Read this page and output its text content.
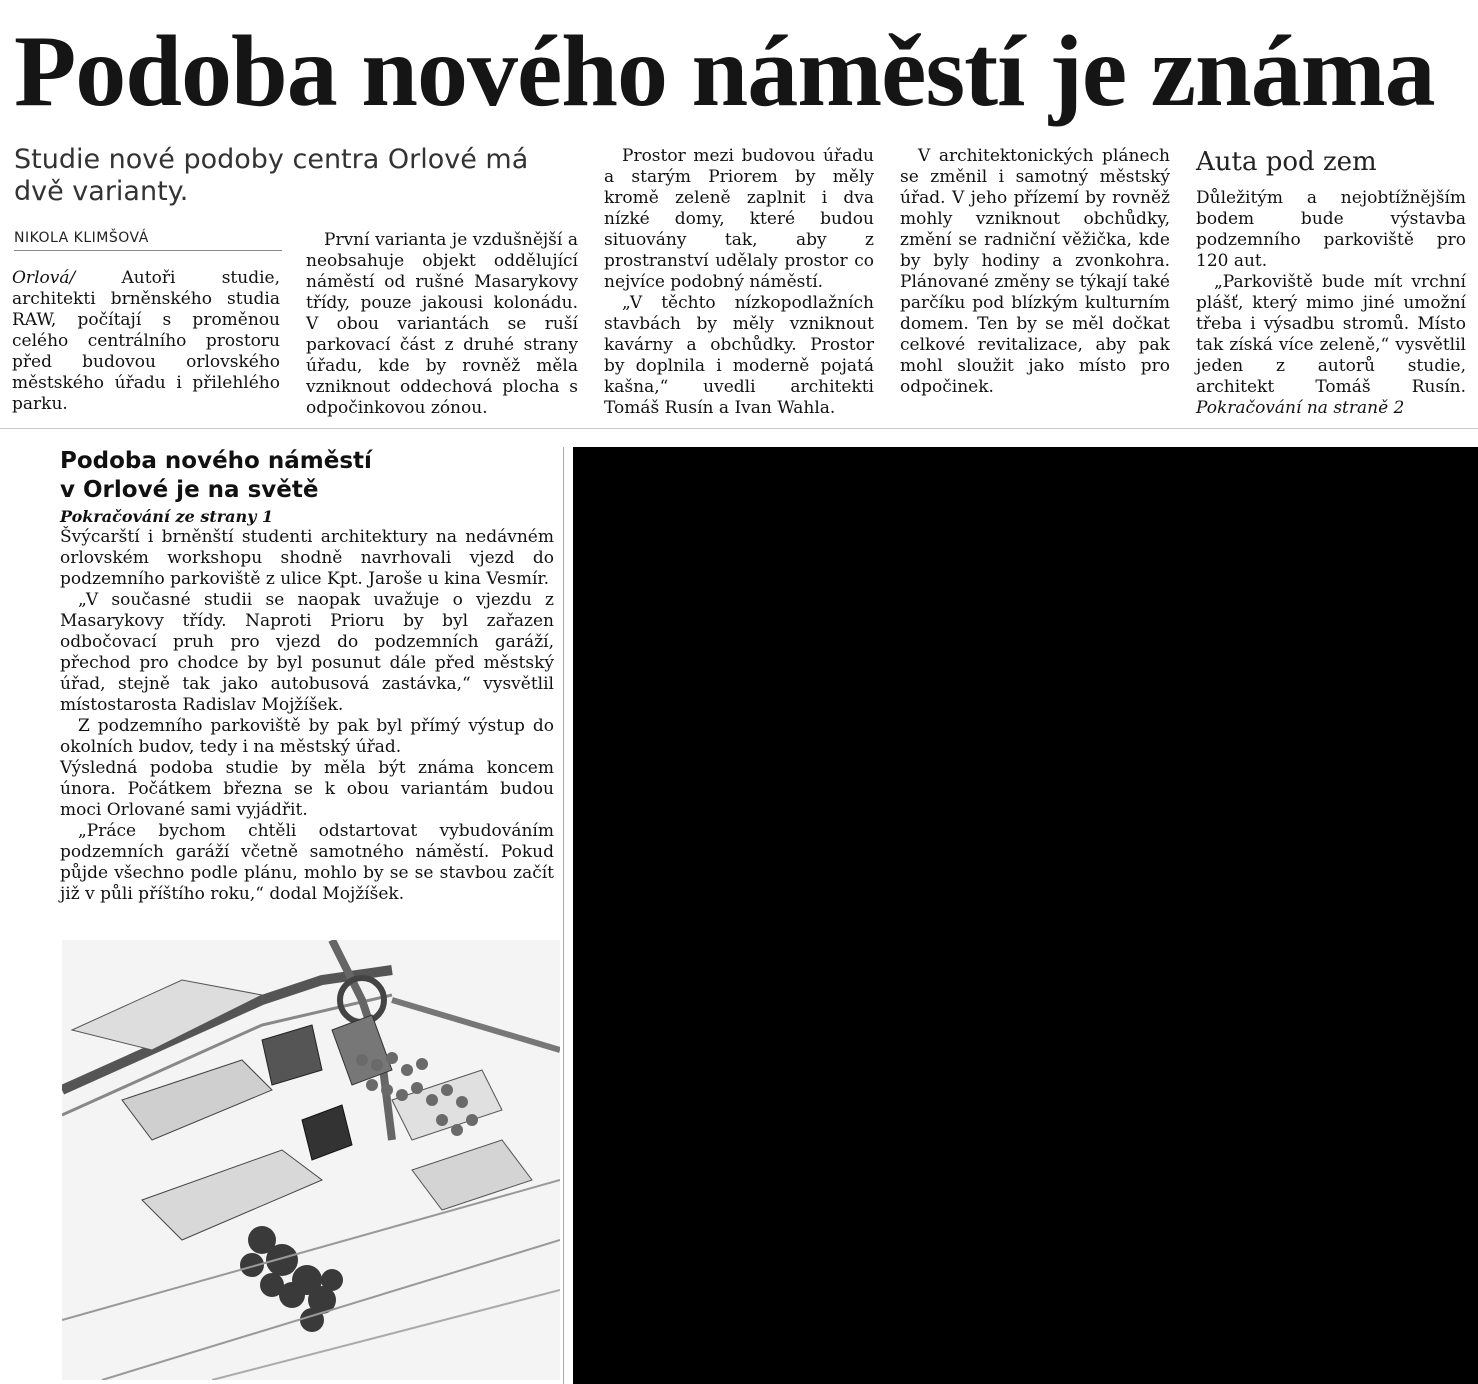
Podoba nového náměstí je známa
Studie nové podoby centra Orlové má dvě varianty.
NIKOLA KLIMŠOVÁ

Orlová/ Autoři studie, architekti brněnského studia RAW, počítají s proměnou celého centrálního prostoru před budovou orlovského městského úřadu i přilehlého parku.

První varianta je vzdušnější a neobsahuje objekt oddělující náměstí od rušné Masarykovy třídy, pouze jakousi kolonádu. V obou variantách se ruší parkovací část z druhé strany úřadu, kde by rovněž měla vzniknout oddechová plocha s odpočinkovou zónou.

Prostor mezi budovou úřadu a starým Priorem by měly kromě zeleně zaplnit i dva nízké domy, které budou situovány tak, aby z prostranství udělaly prostor co nejvíce podobný náměstí.

„V těchto nízkopodlažních stavbách by měly vzniknout kavárny a obchůdky. Prostor by doplnila i moderně pojatá kašna,“ uvedli architekti Tomáš Rusín a Ivan Wahla.

V architektonických plánech se změnil i samotný městský úřad. V jeho přízemí by rovněž mohly vzniknout obchůdky, změní se radniční věžička, kde by byly hodiny a zvonkohra. Plánované změny se týkají také parčíku pod blízkým kulturním domem. Ten by se měl dočkat celkové revitalizace, aby pak mohl sloužit jako místo pro odpočinek.

Auta pod zem

Důležitým a nejobtížnějším bodem bude výstavba podzemního parkoviště pro 120 aut.

„Parkoviště bude mít vrchní plášť, který mimo jiné umožní třeba i výsadbu stromů. Místo tak získá více zeleně,“ vysvětlil jeden z autorů studie, architekt Tomáš Rusín. Pokračování na straně 2

Podoba nového náměstí
v Orlové je na světě
Pokračování ze strany 1

Švýcarští i brněnští studenti architektury na nedávném orlovském workshopu shodně navrhovali vjezd do podzemního parkoviště z ulice Kpt. Jaroše u kina Vesmír.

„V současné studii se naopak uvažuje o vjezdu z Masarykovy třídy. Naproti Prioru by byl zařazen odbočovací pruh pro vjezd do podzemních garáží, přechod pro chodce by byl posunut dále před městský úřad, stejně tak jako autobusová zastávka,“ vysvětlil místostarosta Radislav Mojžíšek.

Z podzemního parkoviště by pak byl přímý výstup do okolních budov, tedy i na městský úřad.

Výsledná podoba studie by měla být známa koncem února. Počátkem března se k obou variantám budou moci Orlované sami vyjádřit.

„Práce bychom chtěli odstartovat vybudováním podzemních garáží včetně samotného náměstí. Pokud půjde všechno podle plánu, mohlo by se se stavbou začít již v půli příštího roku,“ dodal Mojžíšek.
